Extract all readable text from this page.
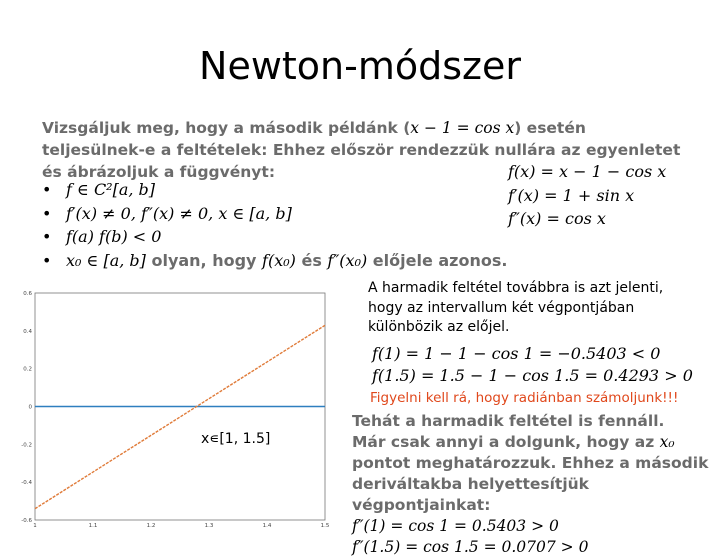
Newton-módszer
Vizsgáljuk meg, hogy a második példánk (x − 1 = cos x) esetén teljesülnek-e a feltételek: Ehhez először rendezzük nullára az egyenletet és ábrázoljuk a függvényt:
• f ∈ C²[a, b]
• f′(x) ≠ 0, f″(x) ≠ 0, x ∈ [a, b]
• f(a) f(b) < 0
• x₀ ∈ [a, b] olyan, hogy f(x₀) és f″(x₀) előjele azonos.
f(x) = x − 1 − cos x
f′(x) = 1 + sin x
f″(x) = cos x
0.6
0.4
0.2
0
-0.2
-0.4
-0.6
1	1.1	1.2	1.3	1.4	1.5
x∊[1, 1.5]
A harmadik feltétel továbbra is azt jelenti, hogy az intervallum két végpontjában különbözik az előjel.
f(1) = 1 − 1 − cos 1 = −0.5403 < 0
f(1.5) = 1.5 − 1 − cos 1.5 = 0.4293 > 0
Figyelni kell rá, hogy radiánban számoljunk!!!
Tehát a harmadik feltétel is fennáll.
Már csak annyi a dolgunk, hogy az x₀ pontot meghatározzuk. Ehhez a második deriváltakba helyettesítjük végpontjainkat:
f″(1) = cos 1 = 0.5403 > 0
f″(1.5) = cos 1.5 = 0.0707 > 0
